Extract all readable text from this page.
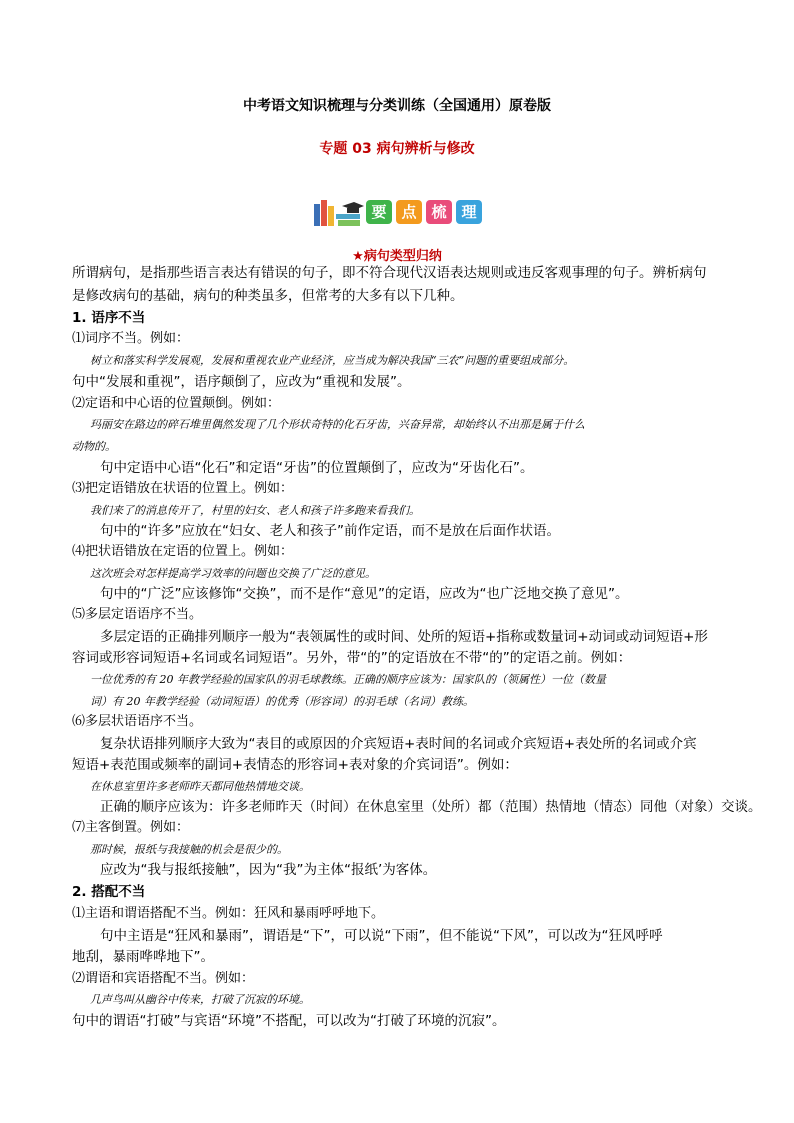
中考语文知识梳理与分类训练（全国通用）原卷版
专题 03 病句辨析与修改
要 点 梳 理
★病句类型归纳
所谓病句，是指那些语言表达有错误的句子，即不符合现代汉语表达规则或违反客观事理的句子。辨析病句
是修改病句的基础，病句的种类虽多，但常考的大多有以下几种。
1. 语序不当
⑴词序不当。例如：
树立和落实科学发展观，发展和重视农业产业经济，应当成为解决我国“三农”问题的重要组成部分。
句中“发展和重视”，语序颠倒了，应改为“重视和发展”。
⑵定语和中心语的位置颠倒。例如：
玛丽安在路边的碎石堆里偶然发现了几个形状奇特的化石牙齿，兴奋异常，却始终认不出那是属于什么
动物的。
句中定语中心语“化石”和定语“牙齿”的位置颠倒了，应改为“牙齿化石”。
⑶把定语错放在状语的位置上。例如：
我们来了的消息传开了，村里的妇女、老人和孩子许多跑来看我们。
句中的“许多”应放在“妇女、老人和孩子”前作定语，而不是放在后面作状语。
⑷把状语错放在定语的位置上。例如：
这次班会对怎样提高学习效率的问题也交换了广泛的意见。
句中的“广泛”应该修饰“交换”，而不是作“意见”的定语，应改为“也广泛地交换了意见”。
⑸多层定语语序不当。
多层定语的正确排列顺序一般为“表领属性的或时间、处所的短语+指称或数量词+动词或动词短语+形
容词或形容词短语+名词或名词短语”。另外，带“的”的定语放在不带“的”的定语之前。例如：
一位优秀的有 20 年教学经验的国家队的羽毛球教练。正确的顺序应该为：国家队的（领属性）一位（数量
词）有 20 年教学经验（动词短语）的优秀（形容词）的羽毛球（名词）教练。
⑹多层状语语序不当。
复杂状语排列顺序大致为“表目的或原因的介宾短语+表时间的名词或介宾短语+表处所的名词或介宾
短语+表范围或频率的副词+表情态的形容词+表对象的介宾词语”。例如：
在休息室里许多老师昨天都同他热情地交谈。
正确的顺序应该为：许多老师昨天（时间）在休息室里（处所）都（范围）热情地（情态）同他（对象）交谈。
⑺主客倒置。例如：
那时候，报纸与我接触的机会是很少的。
应改为“我与报纸接触”，因为“我”为主体“报纸’为客体。
2. 搭配不当
⑴主语和谓语搭配不当。例如：狂风和暴雨呼呼地下。
句中主语是“狂风和暴雨”，谓语是“下”，可以说“下雨”，但不能说“下风”，可以改为“狂风呼呼
地刮，暴雨哗哗地下”。
⑵谓语和宾语搭配不当。例如：
几声鸟叫从幽谷中传来，打破了沉寂的环境。
句中的谓语“打破”与宾语“环境”不搭配，可以改为“打破了环境的沉寂”。
